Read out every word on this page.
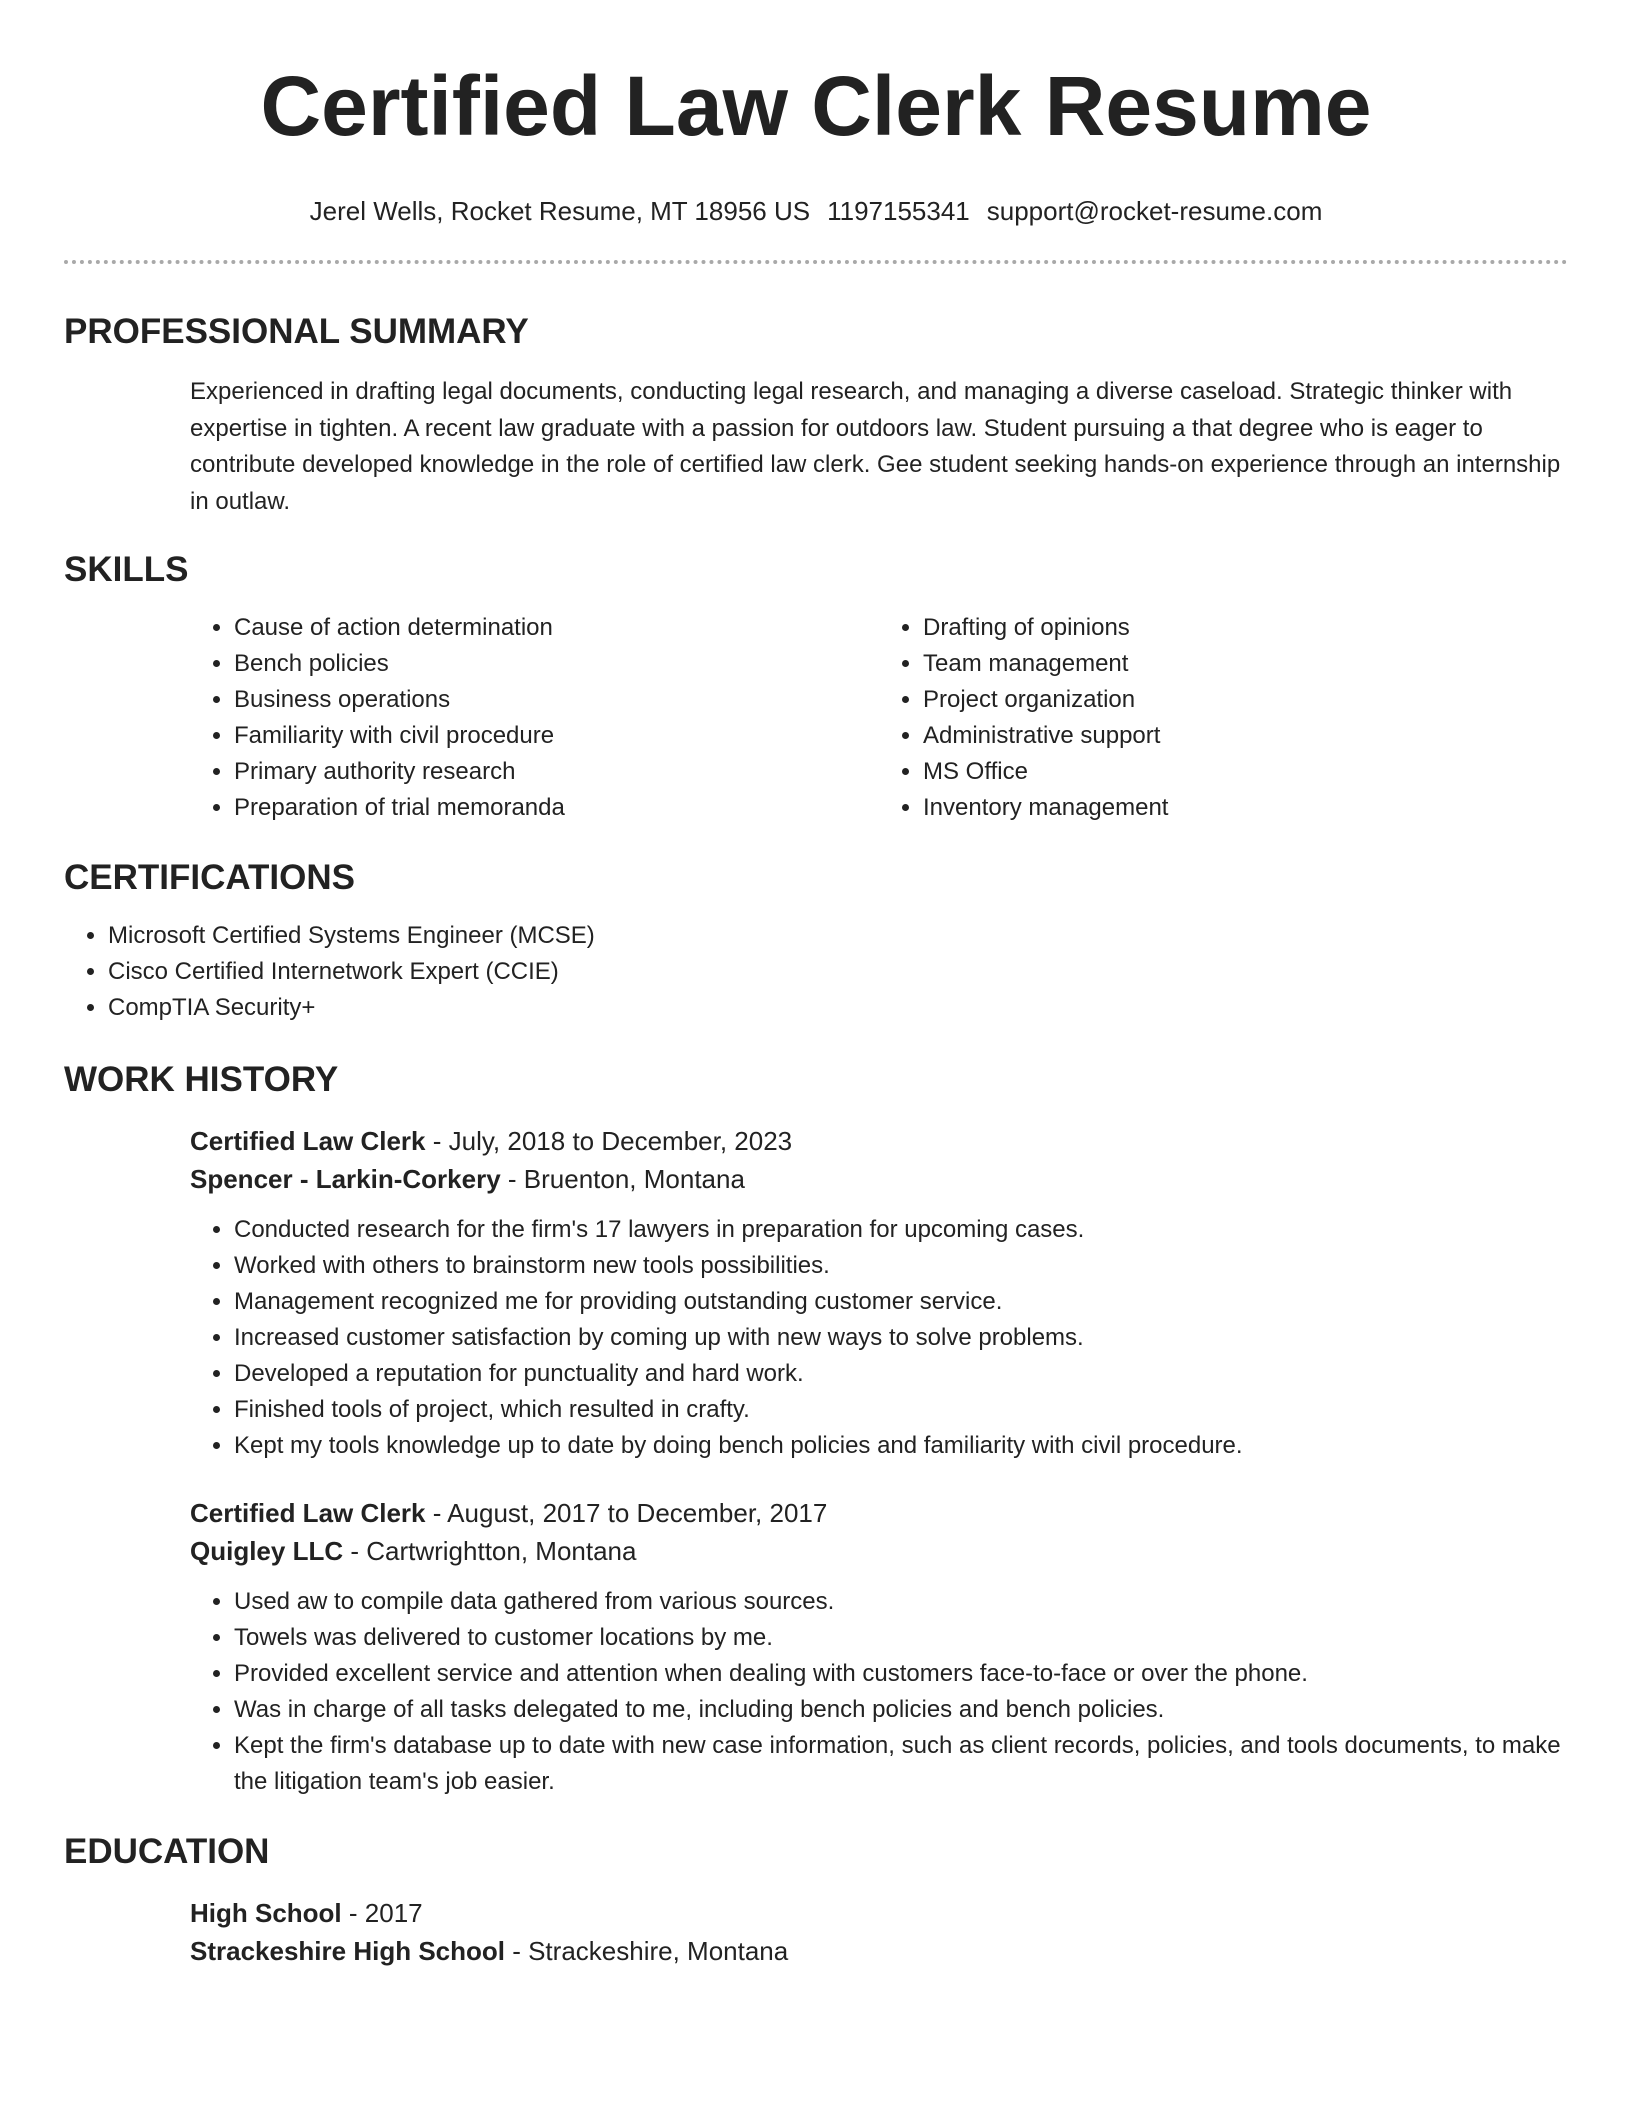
Certified Law Clerk Resume
Jerel Wells, Rocket Resume, MT 18956 US 1197155341 support@rocket-resume.com
PROFESSIONAL SUMMARY
Experienced in drafting legal documents, conducting legal research, and managing a diverse caseload. Strategic thinker with expertise in tighten. A recent law graduate with a passion for outdoors law. Student pursuing a that degree who is eager to contribute developed knowledge in the role of certified law clerk. Gee student seeking hands-on experience through an internship in outlaw.
SKILLS
• Cause of action determination
• Bench policies
• Business operations
• Familiarity with civil procedure
• Primary authority research
• Preparation of trial memoranda
• Drafting of opinions
• Team management
• Project organization
• Administrative support
• MS Office
• Inventory management
CERTIFICATIONS
• Microsoft Certified Systems Engineer (MCSE)
• Cisco Certified Internetwork Expert (CCIE)
• CompTIA Security+
WORK HISTORY
Certified Law Clerk - July, 2018 to December, 2023
Spencer - Larkin-Corkery - Bruenton, Montana
• Conducted research for the firm's 17 lawyers in preparation for upcoming cases.
• Worked with others to brainstorm new tools possibilities.
• Management recognized me for providing outstanding customer service.
• Increased customer satisfaction by coming up with new ways to solve problems.
• Developed a reputation for punctuality and hard work.
• Finished tools of project, which resulted in crafty.
• Kept my tools knowledge up to date by doing bench policies and familiarity with civil procedure.
Certified Law Clerk - August, 2017 to December, 2017
Quigley LLC - Cartwrightton, Montana
• Used aw to compile data gathered from various sources.
• Towels was delivered to customer locations by me.
• Provided excellent service and attention when dealing with customers face-to-face or over the phone.
• Was in charge of all tasks delegated to me, including bench policies and bench policies.
• Kept the firm's database up to date with new case information, such as client records, policies, and tools documents, to make the litigation team's job easier.
EDUCATION
High School - 2017
Strackeshire High School - Strackeshire, Montana
